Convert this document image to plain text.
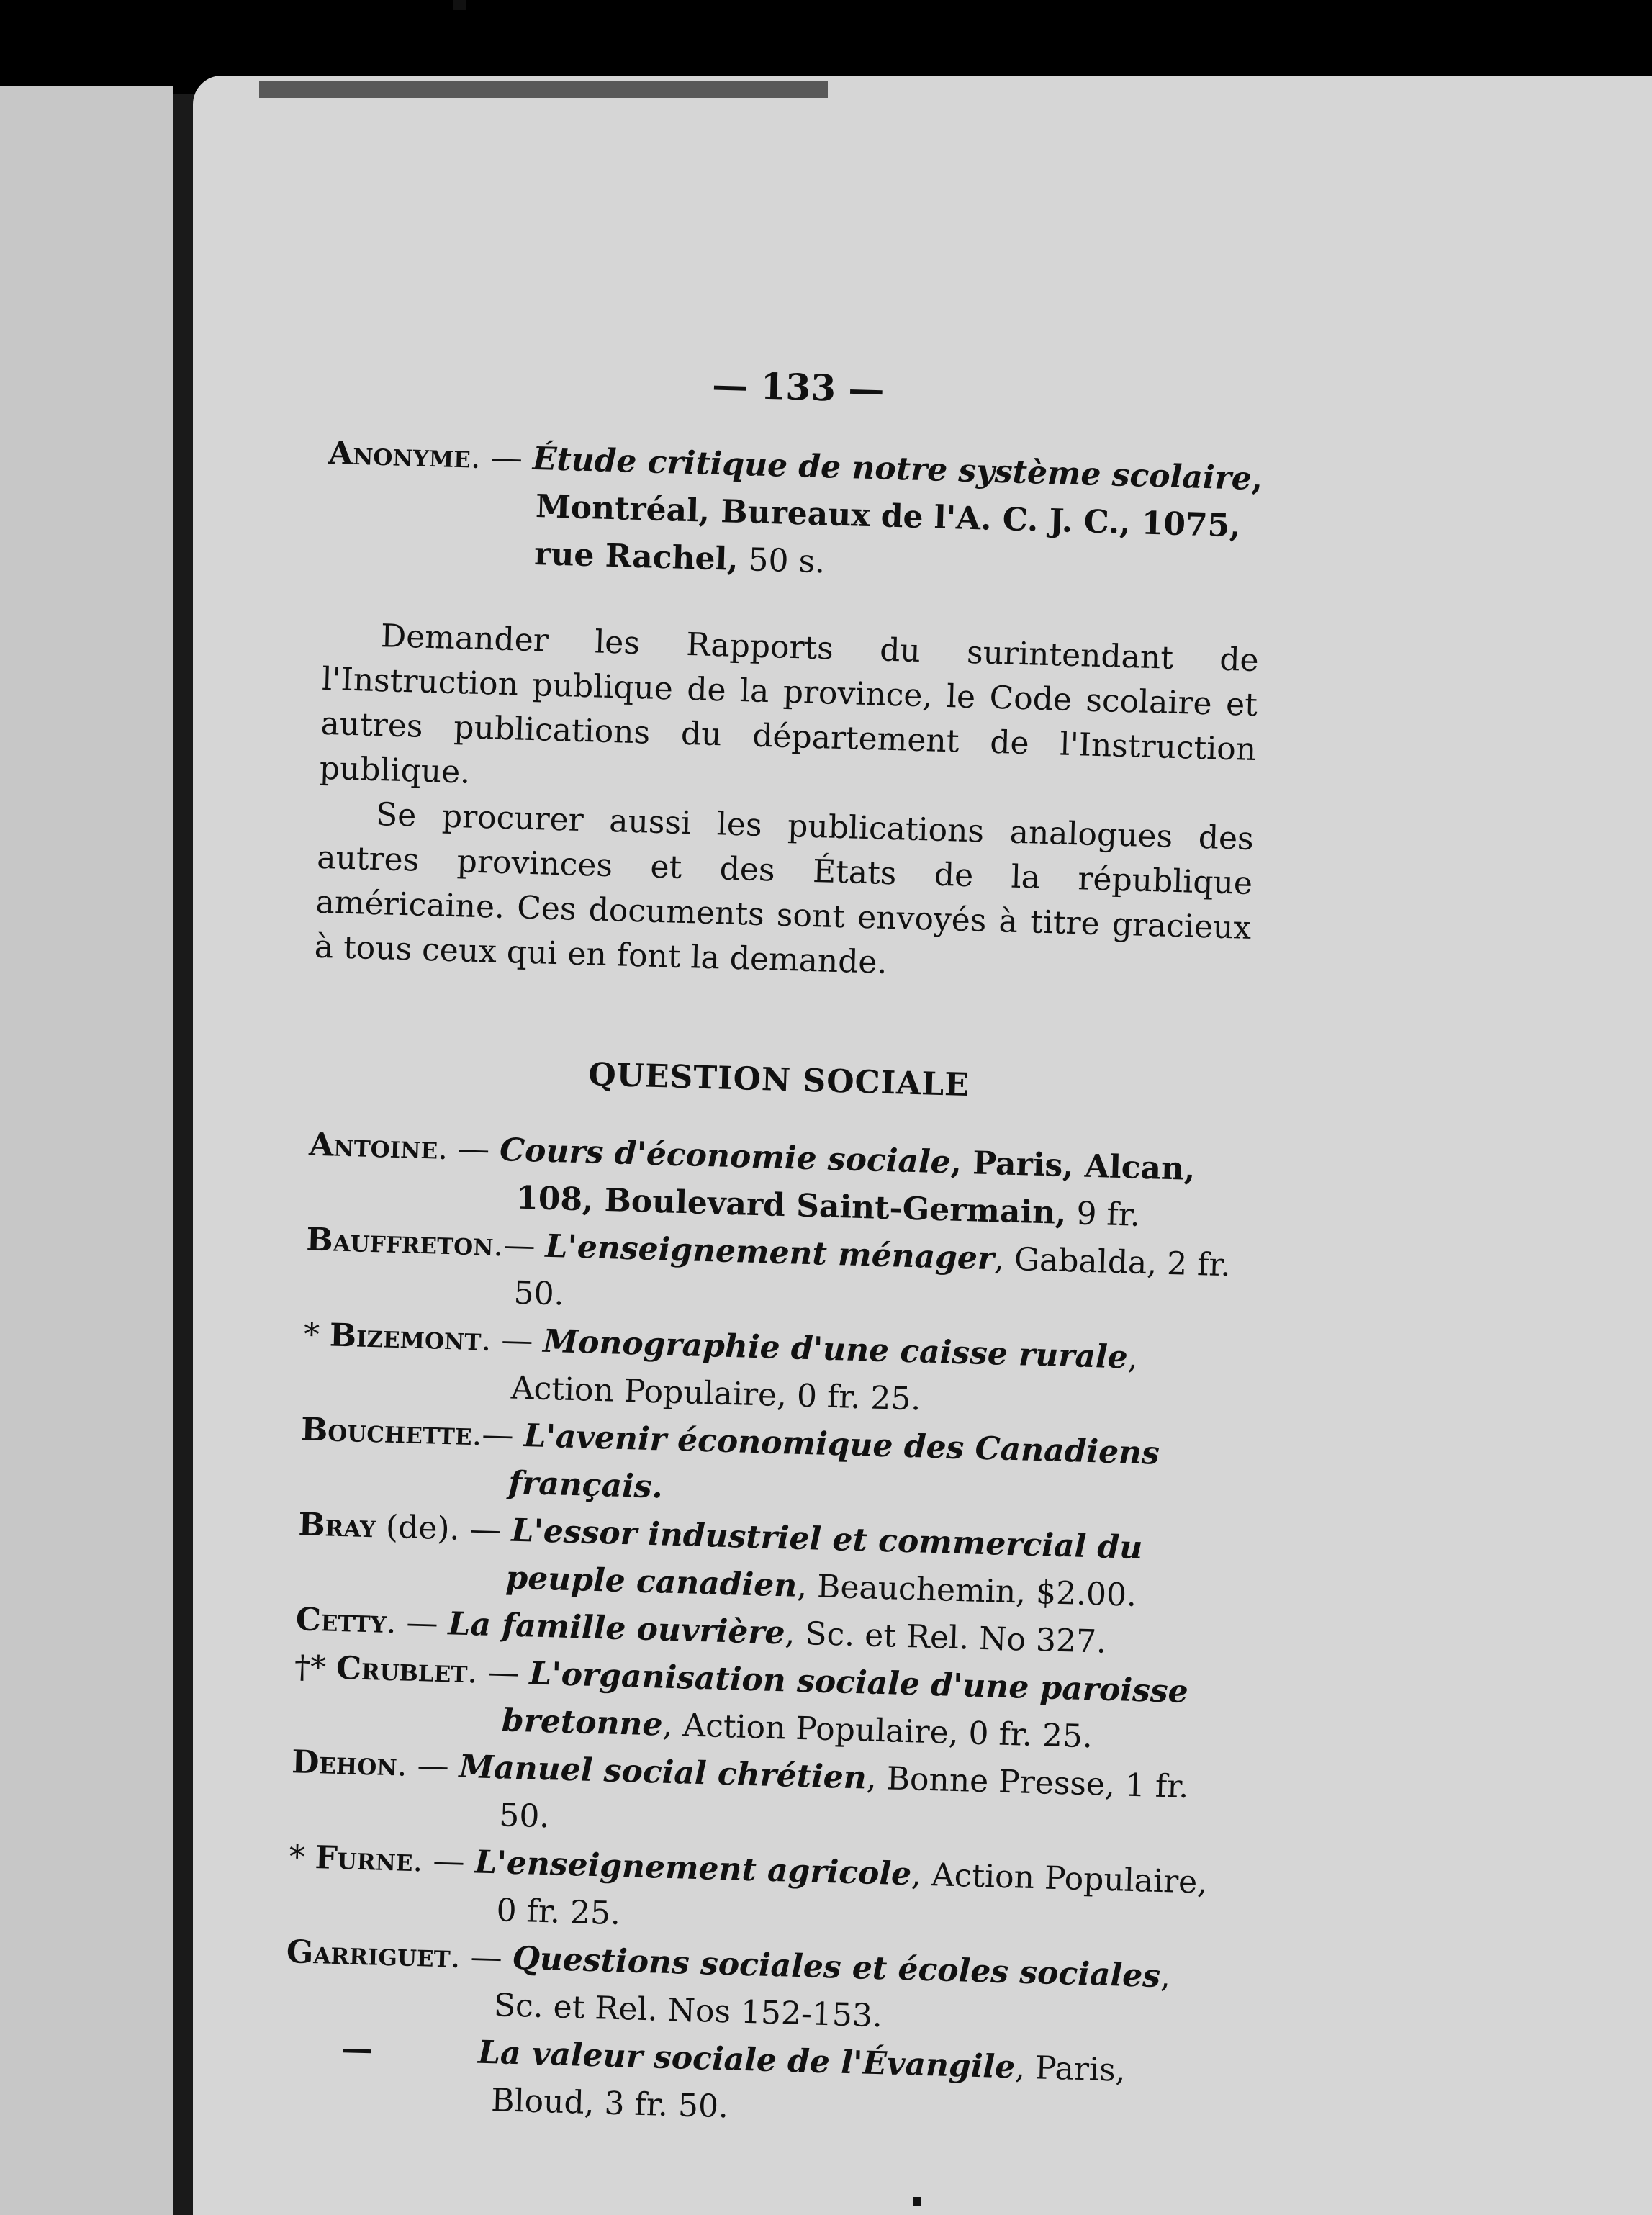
— 133 —

Anonyme. — Étude critique de notre système scolaire, Montréal, Bureaux de l'A. C. J. C., 1075, rue Rachel, 50 s.

Demander les Rapports du surintendant de l'Instruction publique de la province, le Code scolaire et autres publications du département de l'Instruction publique.

Se procurer aussi les publications analogues des autres provinces et des États de la république américaine. Ces documents sont envoyés à titre gracieux à tous ceux qui en font la demande.

QUESTION SOCIALE

Antoine. — Cours d'économie sociale, Paris, Alcan, 108, Boulevard Saint-Germain, 9 fr.

Bauffreton.— L'enseignement ménager, Gabalda, 2 fr. 50.

* Bizemont. — Monographie d'une caisse rurale, Action Populaire, 0 fr. 25.

Bouchette.— L'avenir économique des Canadiens français.

Bray (de). — L'essor industriel et commercial du peuple canadien, Beauchemin, $2.00.

Cetty. — La famille ouvrière, Sc. et Rel. No 327.

†* Crublet. — L'organisation sociale d'une paroisse bretonne, Action Populaire, 0 fr. 25.

Dehon. — Manuel social chrétien, Bonne Presse, 1 fr. 50.

* Furne. — L'enseignement agricole, Action Populaire, 0 fr. 25.

Garriguet. — Questions sociales et écoles sociales, Sc. et Rel. Nos 152-153.

—	La valeur sociale de l'Évangile, Paris, Bloud, 3 fr. 50.
